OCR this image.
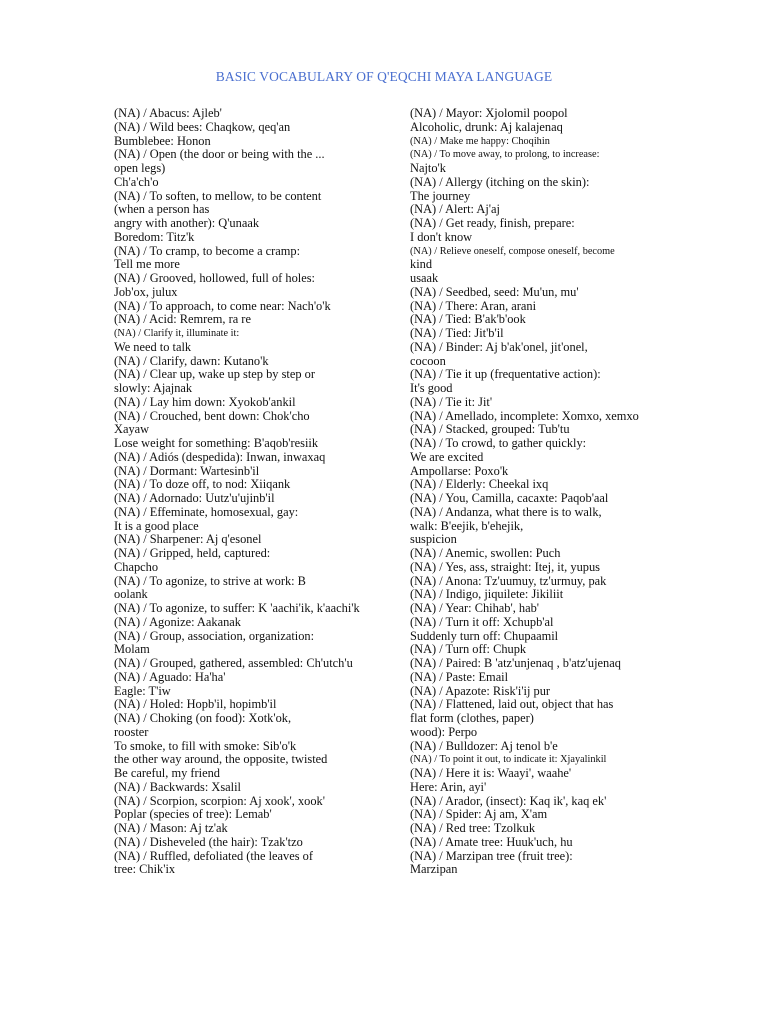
BASIC VOCABULARY OF Q'EQCHI MAYA LANGUAGE
(NA) / Abacus: Ajleb'
(NA) / Wild bees: Chaqkow, qeq'an
Bumblebee: Honon
(NA) / Open (the door or being with the ...
open legs)
Ch'a'ch'o
(NA) / To soften, to mellow, to be content
(when a person has
angry with another): Q'unaak
Boredom: Titz'k
(NA) / To cramp, to become a cramp:
Tell me more
(NA) / Grooved, hollowed, full of holes:
Job'ox, julux
(NA) / To approach, to come near: Nach'o'k
(NA) / Acid: Remrem, ra re
(NA) / Clarify it, illuminate it:
We need to talk
(NA) / Clarify, dawn: Kutano'k
(NA) / Clear up, wake up step by step or
slowly: Ajajnak
(NA) / Lay him down: Xyokob'ankil
(NA) / Crouched, bent down: Chok'cho
Xayaw
Lose weight for something: B'aqob'resiik
(NA) / Adiós (despedida): Inwan, inwaxaq
(NA) / Dormant: Wartesinb'il
(NA) / To doze off, to nod: Xiiqank
(NA) / Adornado: Uutz'u'ujinb'il
(NA) / Effeminate, homosexual, gay:
It is a good place
(NA) / Sharpener: Aj q'esonel
(NA) / Gripped, held, captured:
Chapcho
(NA) / To agonize, to strive at work: B
oolank
(NA) / To agonize, to suffer: K 'aachi'ik, k'aachi'k
(NA) / Agonize: Aakanak
(NA) / Group, association, organization:
Molam
(NA) / Grouped, gathered, assembled: Ch'utch'u
(NA) / Aguado: Ha'ha'
Eagle: T'iw
(NA) / Holed: Hopb'il, hopimb'il
(NA) / Choking (on food): Xotk'ok,
rooster
To smoke, to fill with smoke: Sib'o'k
the other way around, the opposite, twisted
Be careful, my friend
(NA) / Backwards: Xsalil
(NA) / Scorpion, scorpion: Aj xook', xook'
Poplar (species of tree): Lemab'
(NA) / Mason: Aj tz'ak
(NA) / Disheveled (the hair): Tzak'tzo
(NA) / Ruffled, defoliated (the leaves of
tree: Chik'ix
(NA) / Mayor: Xjolomil poopol
Alcoholic, drunk: Aj kalajenaq
(NA) / Make me happy: Choqihin
(NA) / To move away, to prolong, to increase:
Najto'k
(NA) / Allergy (itching on the skin):
The journey
(NA) / Alert: Aj'aj
(NA) / Get ready, finish, prepare:
I don't know
(NA) / Relieve oneself, compose oneself, become
kind
usaak
(NA) / Seedbed, seed: Mu'un, mu'
(NA) / There: Aran, arani
(NA) / Tied: B'ak'b'ook
(NA) / Tied: Jit'b'il
(NA) / Binder: Aj b'ak'onel, jit'onel,
cocoon
(NA) / Tie it up (frequentative action):
It's good
(NA) / Tie it: Jit'
(NA) / Amellado, incomplete: Xomxo, xemxo
(NA) / Stacked, grouped: Tub'tu
(NA) / To crowd, to gather quickly:
We are excited
Ampollarse: Poxo'k
(NA) / Elderly: Cheekal ixq
(NA) / You, Camilla, cacaxte: Paqob'aal
(NA) / Andanza, what there is to walk,
walk: B'eejik, b'ehejik,
suspicion
(NA) / Anemic, swollen: Puch
(NA) / Yes, ass, straight: Itej, it, yupus
(NA) / Anona: Tz'uumuy, tz'urmuy, pak
(NA) / Indigo, jiquilete: Jikiliit
(NA) / Year: Chihab', hab'
(NA) / Turn it off: Xchupb'al
Suddenly turn off: Chupaamil
(NA) / Turn off: Chupk
(NA) / Paired: B 'atz'unjenaq , b'atz'ujenaq
(NA) / Paste: Email
(NA) / Apazote: Risk'i'ij pur
(NA) / Flattened, laid out, object that has
flat form (clothes, paper)
wood): Perpo
(NA) / Bulldozer: Aj tenol b'e
(NA) / To point it out, to indicate it: Xjayalinkil
(NA) / Here it is: Waayi', waahe'
Here: Arin, ayi'
(NA) / Arador, (insect): Kaq ik', kaq ek'
(NA) / Spider: Aj am, X'am
(NA) / Red tree: Tzolkuk
(NA) / Amate tree: Huuk'uch, hu
(NA) / Marzipan tree (fruit tree):
Marzipan
